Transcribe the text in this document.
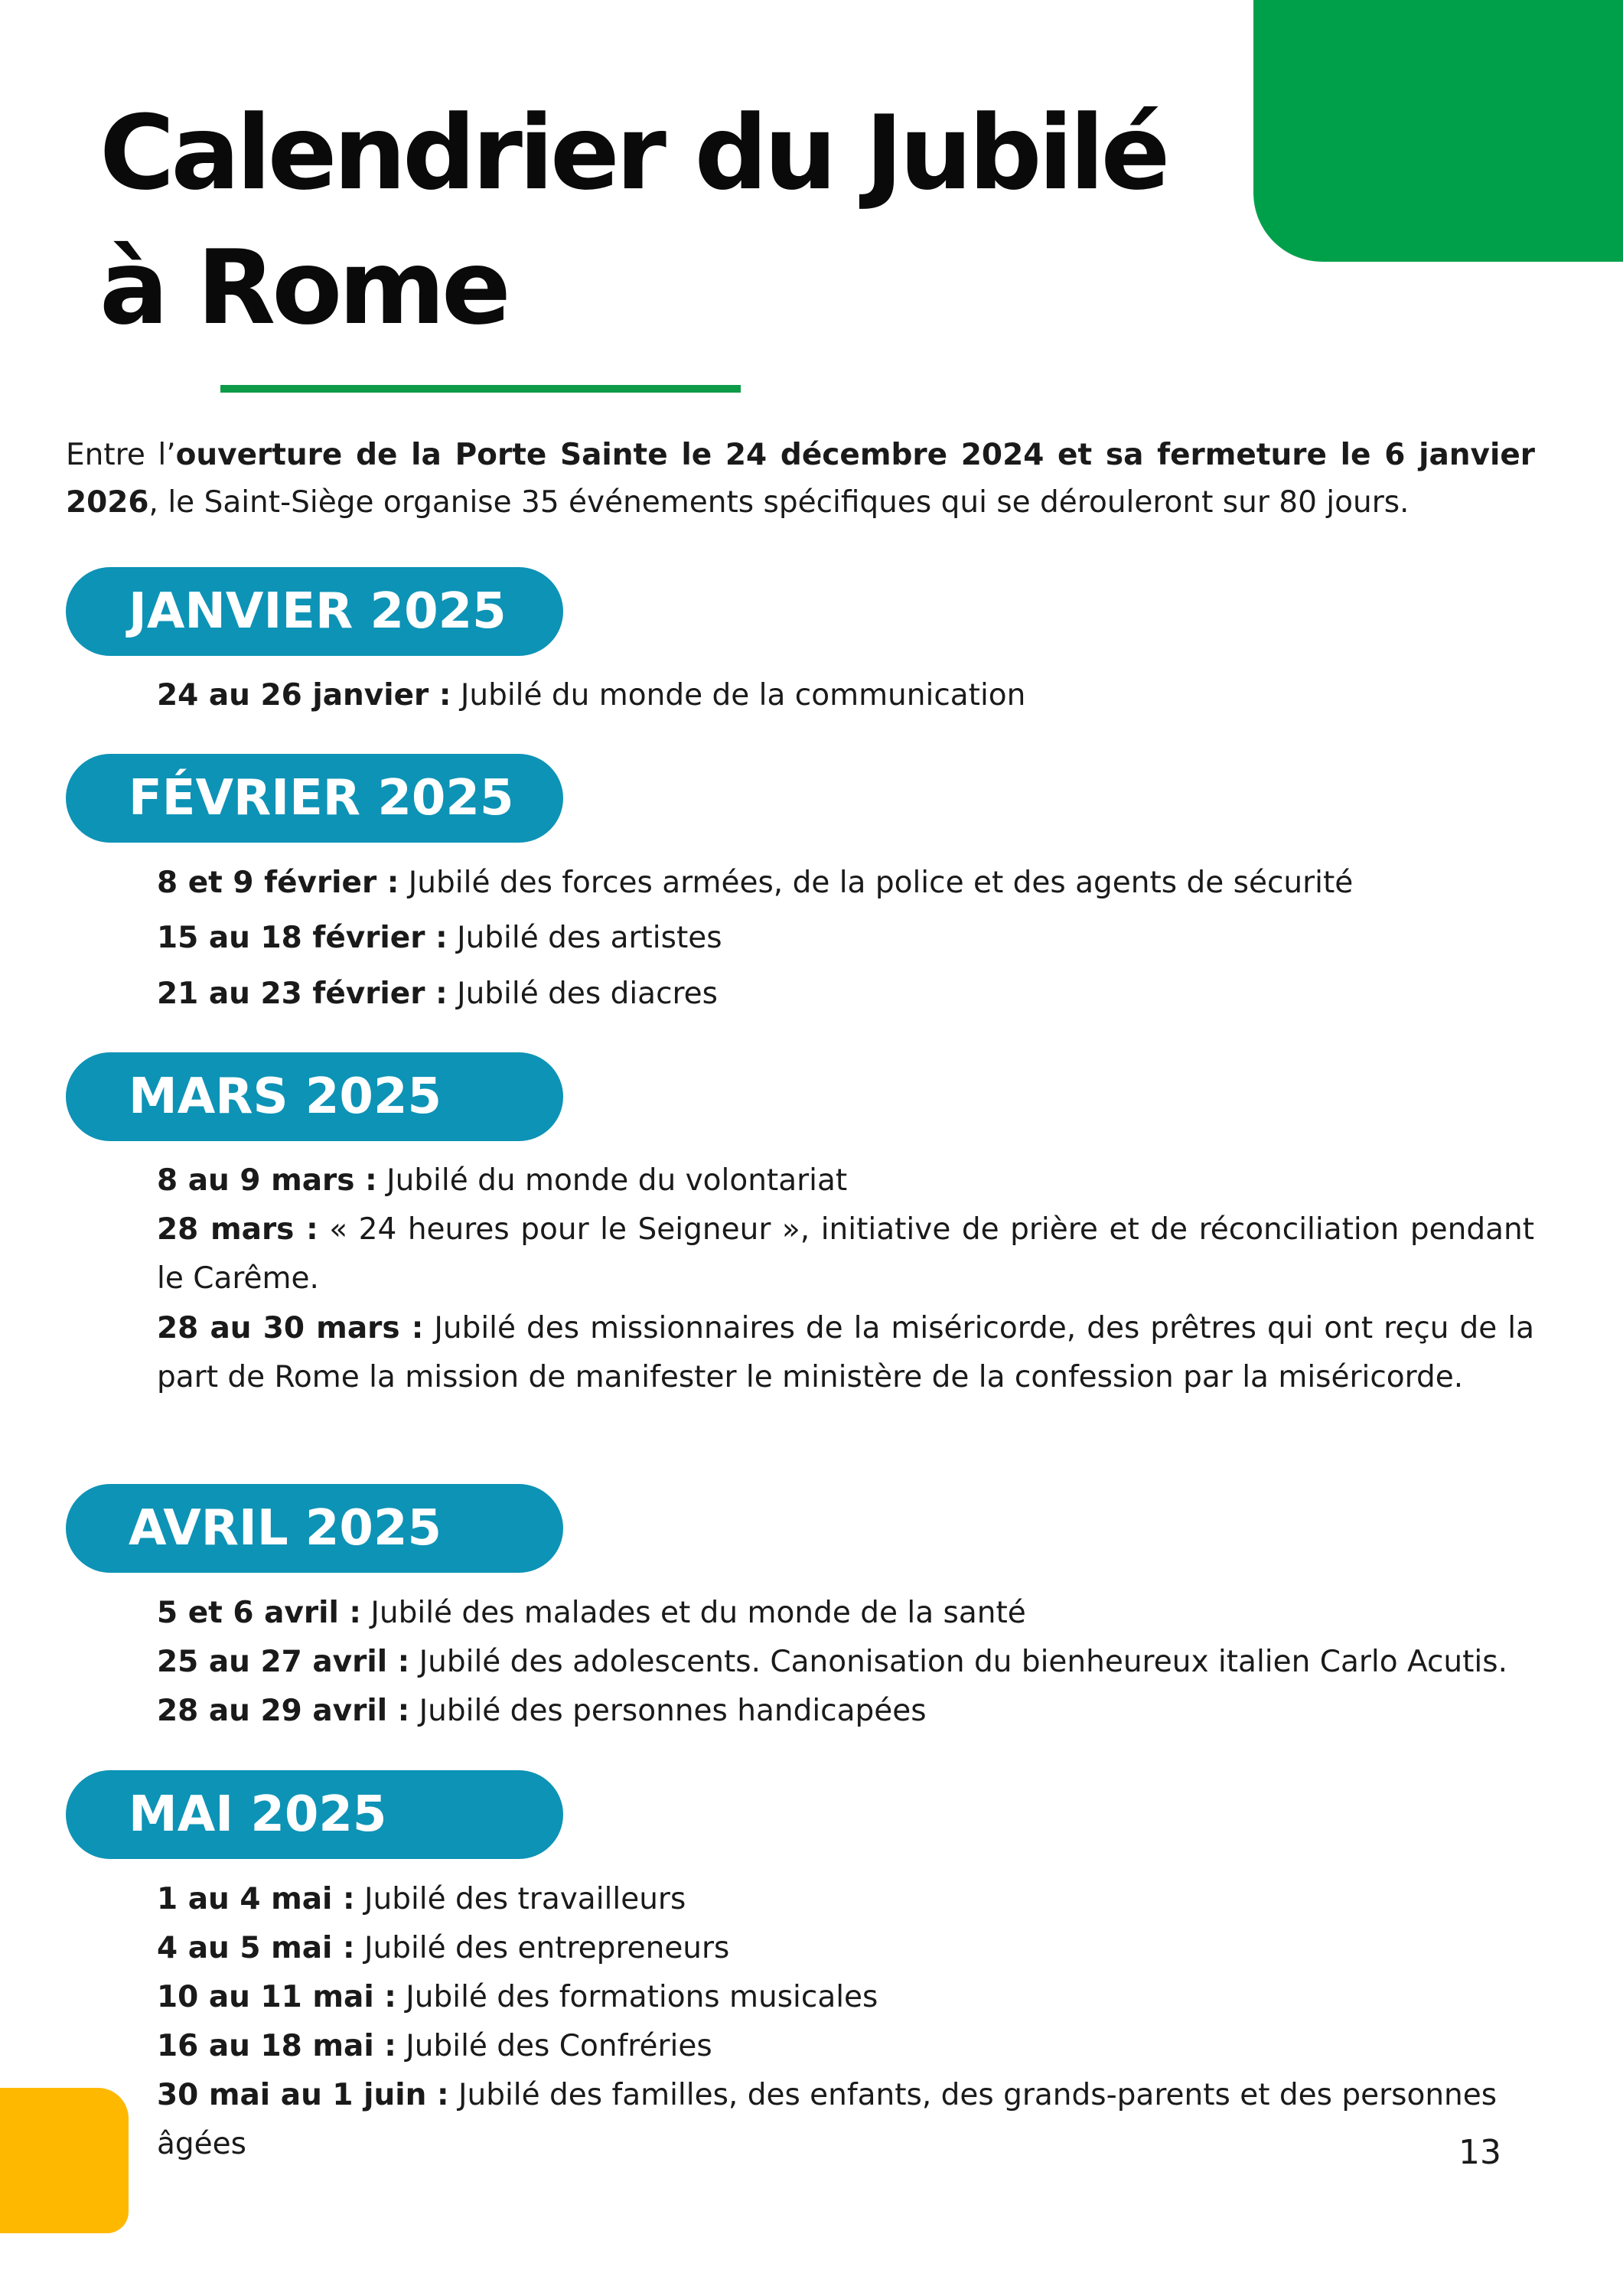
Calendrier du Jubilé
à Rome

Entre l’ouverture de la Porte Sainte le 24 décembre 2024 et sa fermeture le 6 janvier 2026, le Saint-Siège organise 35 événements spécifiques qui se dérouleront sur 80 jours.

JANVIER 2025

24 au 26 janvier : Jubilé du monde de la communication

FÉVRIER 2025

8 et 9 février : Jubilé des forces armées, de la police et des agents de sécurité

15 au 18 février : Jubilé des artistes

21 au 23 février : Jubilé des diacres

MARS 2025

8 au 9 mars : Jubilé du monde du volontariat

28 mars : « 24 heures pour le Seigneur », initiative de prière et de réconciliation pendant le Carême.

28 au 30 mars : Jubilé des missionnaires de la miséricorde, des prêtres qui ont reçu de la part de Rome la mission de manifester le ministère de la confession par la miséricorde.

AVRIL 2025

5 et 6 avril : Jubilé des malades et du monde de la santé

25 au 27 avril : Jubilé des adolescents. Canonisation du bienheureux italien Carlo Acutis.

28 au 29 avril : Jubilé des personnes handicapées

MAI 2025

1 au 4 mai : Jubilé des travailleurs

4 au 5 mai : Jubilé des entrepreneurs

10 au 11 mai : Jubilé des formations musicales

16 au 18 mai : Jubilé des Confréries

30 mai au 1 juin : Jubilé des familles, des enfants, des grands-parents et des personnes âgées	13
